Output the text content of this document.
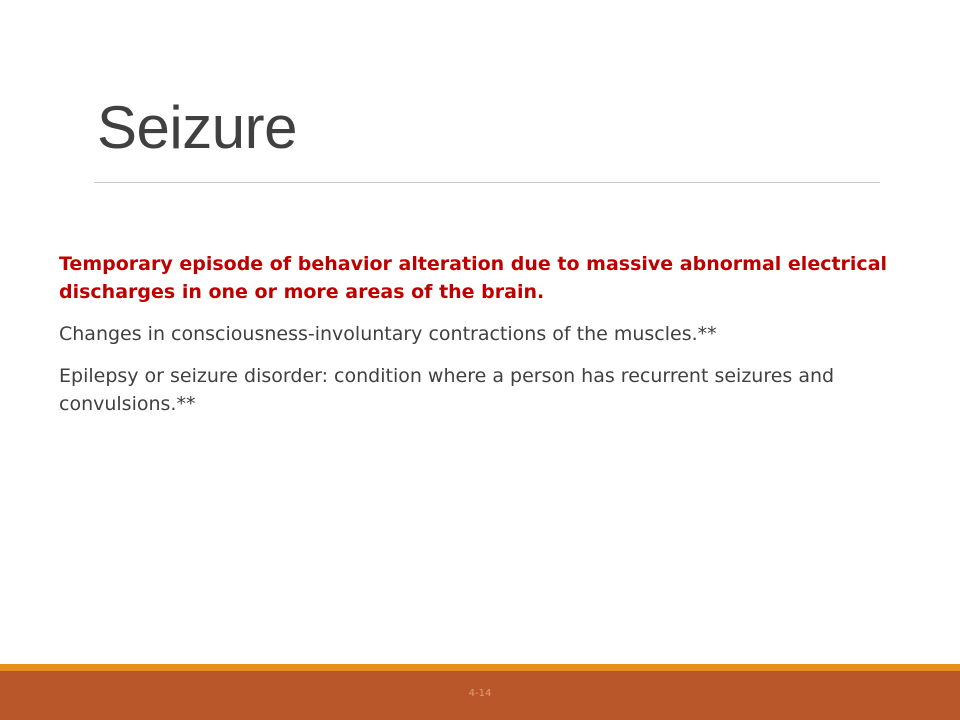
Seizure

Temporary episode of behavior alteration due to massive abnormal electrical discharges in one or more areas of the brain.

Changes in consciousness-involuntary contractions of the muscles.**

Epilepsy or seizure disorder: condition where a person has recurrent seizures and convulsions.**

4-14
